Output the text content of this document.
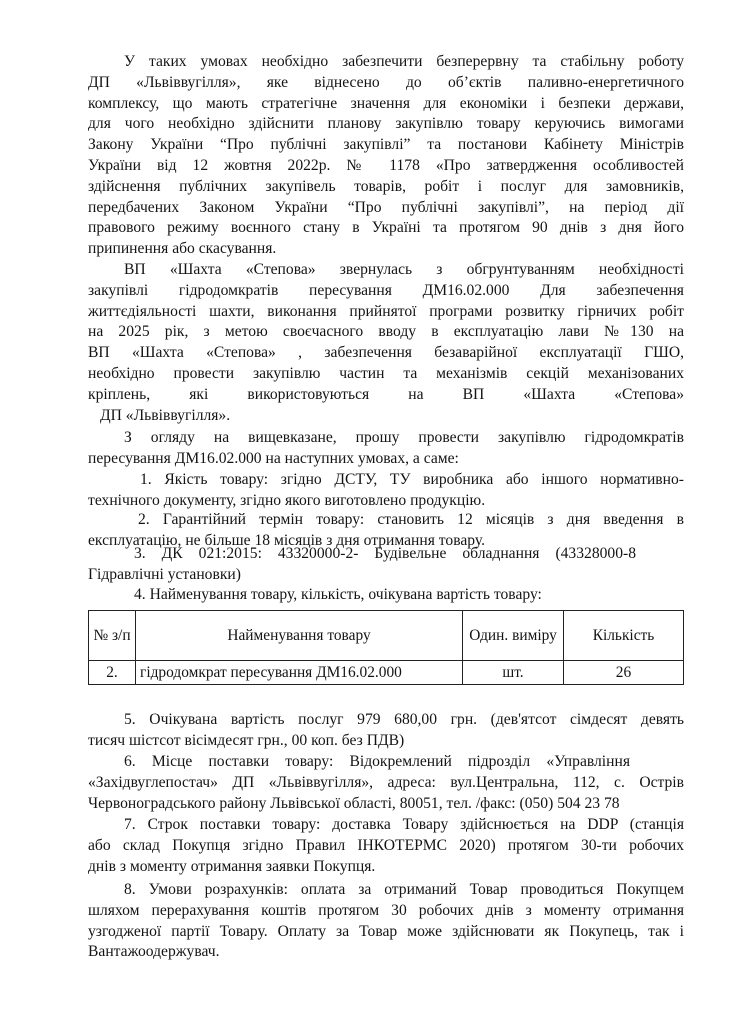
У таких умовах необхідно забезпечити безперервну та стабільну роботу
ДП «Львіввугілля», яке віднесено до об’єктів паливно-енергетичного
комплексу, що мають стратегічне значення для економіки і безпеки держави,
для чого необхідно здійснити планову закупівлю товару керуючись вимогами
Закону України “Про публічні закупівлі” та постанови Кабінету Міністрів
України від 12 жовтня 2022р. № 1178 «Про затвердження особливостей
здійснення публічних закупівель товарів, робіт і послуг для замовників,
передбачених Законом України “Про публічні закупівлі”, на період дії
правового режиму воєнного стану в Україні та протягом 90 днів з дня його
припинення або скасування.
ВП «Шахта «Степова» звернулась з обгрунтуванням необхідності
закупівлі гідродомкратів пересування ДМ16.02.000 Для забезпечення
життєдіяльності шахти, виконання прийнятої програми розвитку гірничих робіт
на 2025 рік, з метою своєчасного вводу в експлуатацію лави №130 на
ВП «Шахта «Степова» , забезпечення безаварійної експлуатації ГШО,
необхідно провести закупівлю частин та механізмів секцій механізованих
кріплень, які використовуються на ВП «Шахта «Степова»
ДП «Львіввугілля».
З огляду на вищевказане, прошу провести закупівлю гідродомкратів
пересування ДМ16.02.000 на наступних умовах, а саме:
1. Якість товару: згідно ДСТУ, ТУ виробника або іншого нормативно-
технічного документу, згідно якого виготовлено продукцію.
2. Гарантійний термін товару: становить 12 місяців з дня введення в
експлуатацію, не більше 18 місяців з дня отримання товару.
3. ДК 021:2015: 43320000-2- Будівельне обладнання (43328000-8
Гідравлічні установки)
4. Найменування товару, кількість, очікувана вартість товару:
№ з/п	Найменування товару	Один. виміру	Кількість
2.	гідродомкрат пересування ДМ16.02.000	шт.	26
5. Очікувана вартість послуг 979 680,00 грн. (дев'ятсот сімдесят девять
тисяч шістсот вісімдесят грн., 00 коп. без ПДВ)
6. Місце поставки товару: Відокремлений підрозділ «Управління
«Західвуглепостач» ДП «Львіввугілля», адреса: вул.Центральна, 112, с. Острів
Червоноградського району Львівської області, 80051, тел. /факс: (050) 504 23 78
7. Строк поставки товару: доставка Товару здійснюється на DDP (станція
або склад Покупця згідно Правил ІНКОТЕРМС 2020) протягом 30-ти робочих
днів з моменту отримання заявки Покупця.
8. Умови розрахунків: оплата за отриманий Товар проводиться Покупцем
шляхом перерахування коштів протягом 30 робочих днів з моменту отримання
узгодженої партії Товару. Оплату за Товар може здійснювати як Покупець, так і
Вантажоодержувач.
